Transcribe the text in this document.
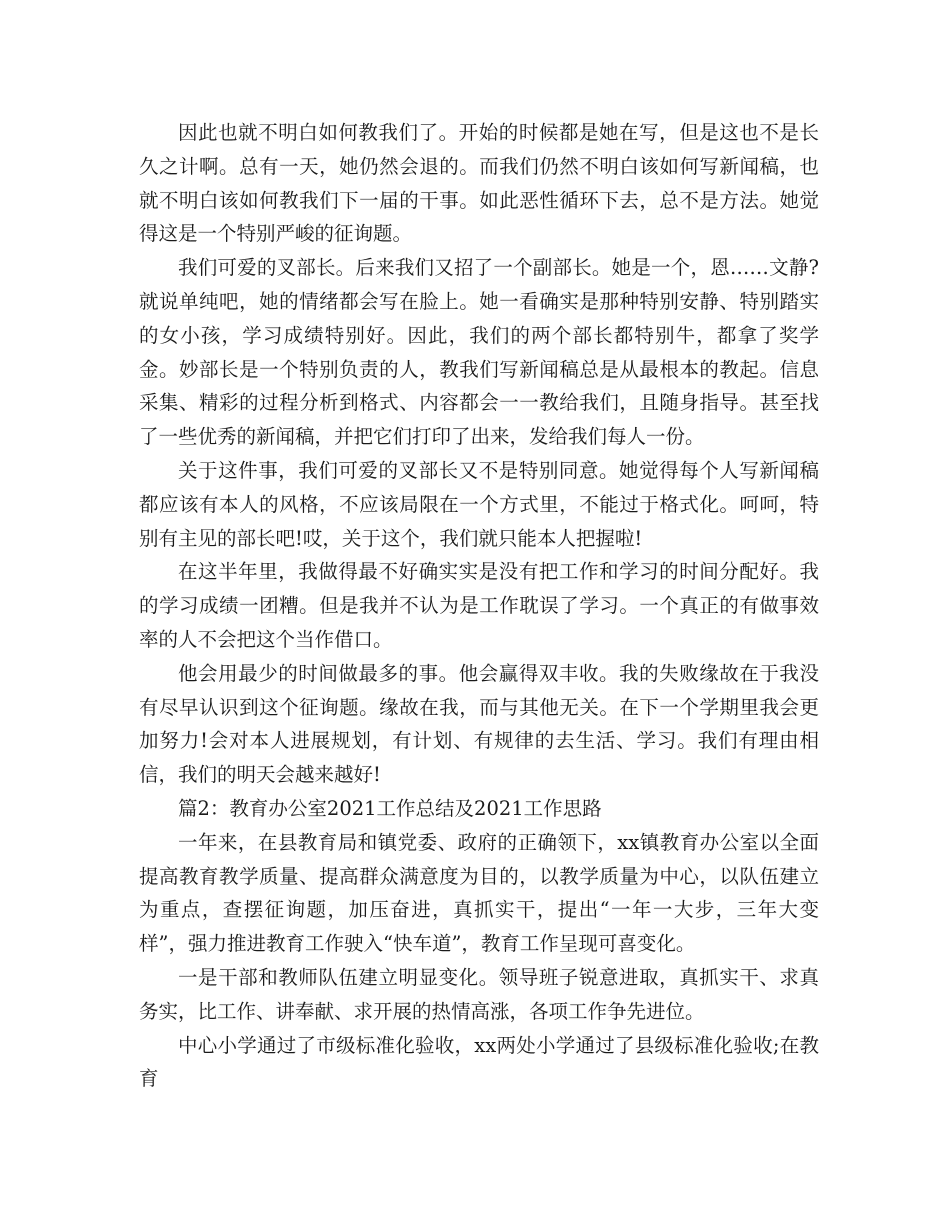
因此也就不明白如何教我们了。开始的时候都是她在写，但是这也不是长久之计啊。总有一天，她仍然会退的。而我们仍然不明白该如何写新闻稿，也就不明白该如何教我们下一届的干事。如此恶性循环下去，总不是方法。她觉得这是一个特别严峻的征询题。

我们可爱的叉部长。后来我们又招了一个副部长。她是一个，恩……文静?就说单纯吧，她的情绪都会写在脸上。她一看确实是那种特别安静、特别踏实的女小孩，学习成绩特别好。因此，我们的两个部长都特别牛，都拿了奖学金。妙部长是一个特别负责的人，教我们写新闻稿总是从最根本的教起。信息采集、精彩的过程分析到格式、内容都会一一教给我们，且随身指导。甚至找了一些优秀的新闻稿，并把它们打印了出来，发给我们每人一份。

关于这件事，我们可爱的叉部长又不是特别同意。她觉得每个人写新闻稿都应该有本人的风格，不应该局限在一个方式里，不能过于格式化。呵呵，特别有主见的部长吧!哎，关于这个，我们就只能本人把握啦!

在这半年里，我做得最不好确实实是没有把工作和学习的时间分配好。我的学习成绩一团糟。但是我并不认为是工作耽误了学习。一个真正的有做事效率的人不会把这个当作借口。

他会用最少的时间做最多的事。他会赢得双丰收。我的失败缘故在于我没有尽早认识到这个征询题。缘故在我，而与其他无关。在下一个学期里我会更加努力!会对本人进展规划，有计划、有规律的去生活、学习。我们有理由相信，我们的明天会越来越好!

篇2：教育办公室2021工作总结及2021工作思路

一年来，在县教育局和镇党委、政府的正确领下，xx镇教育办公室以全面提高教育教学质量、提高群众满意度为目的，以教学质量为中心，以队伍建立为重点，查摆征询题，加压奋进，真抓实干，提出“一年一大步，三年大变样”，强力推进教育工作驶入“快车道”，教育工作呈现可喜变化。

一是干部和教师队伍建立明显变化。领导班子锐意进取，真抓实干、求真务实，比工作、讲奉献、求开展的热情高涨，各项工作争先进位。

中心小学通过了市级标准化验收，xx两处小学通过了县级标准化验收;在教育
